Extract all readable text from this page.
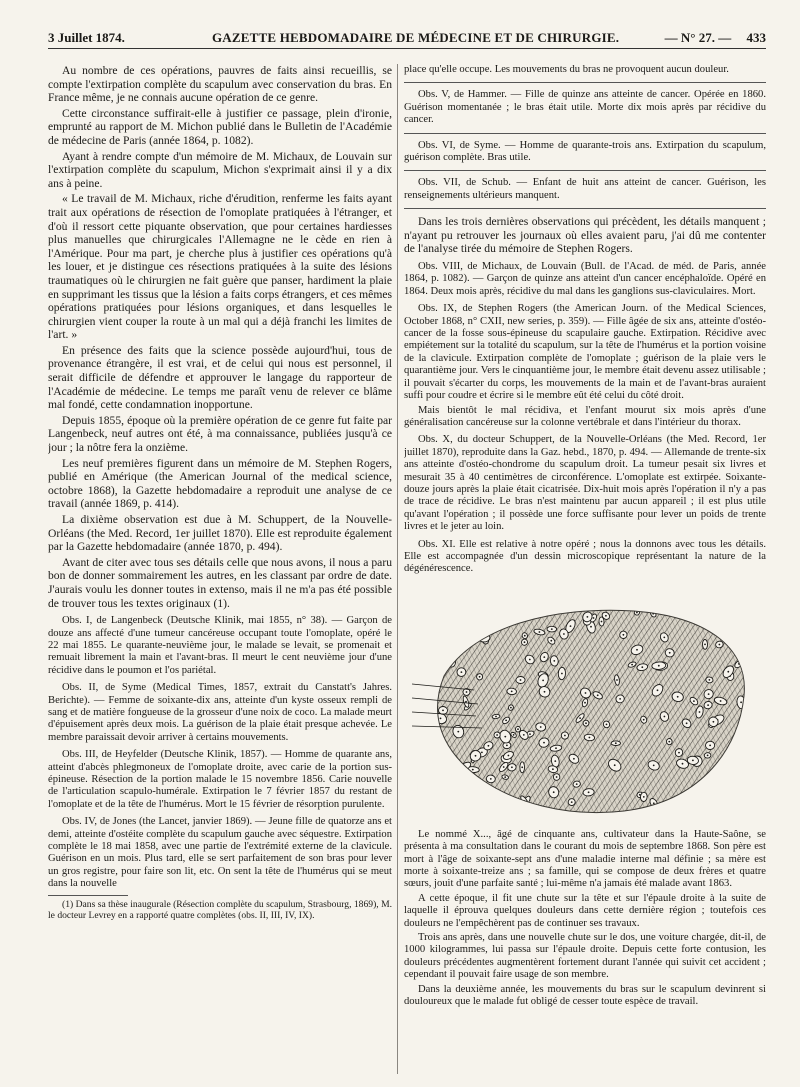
3 Juillet 1874.	GAZETTE HEBDOMADAIRE DE MÉDECINE ET DE CHIRURGIE.	— N° 27. — 433

Au nombre de ces opérations, pauvres de faits ainsi recueillis, se compte l'extirpation complète du scapulum avec conservation du bras. En France même, je ne connais aucune opération de ce genre.

Cette circonstance suffirait-elle à justifier ce passage, plein d'ironie, emprunté au rapport de M. Michon publié dans le Bulletin de l'Académie de médecine de Paris (année 1864, p. 1082).

Ayant à rendre compte d'un mémoire de M. Michaux, de Louvain sur l'extirpation complète du scapulum, Michon s'exprimait ainsi il y a dix ans à peine.

« Le travail de M. Michaux, riche d'érudition, renferme les faits ayant trait aux opérations de résection de l'omoplate pratiquées à l'étranger, et d'où il ressort cette piquante observation, que pour certaines hardiesses plus manuelles que chirurgicales l'Allemagne ne le cède en rien à l'Amérique. Pour ma part, je cherche plus à justifier ces opérations qu'à les louer, et je distingue ces résections pratiquées à la suite des lésions traumatiques où le chirurgien ne fait guère que panser, hardiment la plaie en supprimant les tissus que la lésion a faits corps étrangers, et ces mêmes opérations pratiquées pour lésions organiques, et dans lesquelles le chirurgien vient couper la route à un mal qui a déjà franchi les limites de l'art. »

En présence des faits que la science possède aujourd'hui, tous de provenance étrangère, il est vrai, et de celui qui nous est personnel, il serait difficile de défendre et approuver le langage du rapporteur de l'Académie de médecine. Le temps me paraît venu de relever ce blâme mal fondé, cette condamnation inopportune.

Depuis 1855, époque où la première opération de ce genre fut faite par Langenbeck, neuf autres ont été, à ma connaissance, publiées jusqu'à ce jour ; la nôtre fera la onzième.

Les neuf premières figurent dans un mémoire de M. Stephen Rogers, publié en Amérique (the American Journal of the medical science, octobre 1868), la Gazette hebdomadaire a reproduit une analyse de ce travail (année 1869, p. 414).

La dixième observation est due à M. Schuppert, de la Nouvelle-Orléans (the Med. Record, 1er juillet 1870). Elle est reproduite également par la Gazette hebdomadaire (année 1870, p. 494).

Avant de citer avec tous ses détails celle que nous avons, il nous a paru bon de donner sommairement les autres, en les classant par ordre de date. J'aurais voulu les donner toutes in extenso, mais il ne m'a pas été possible de trouver tous les textes originaux (1).

Obs. I, de Langenbeck (Deutsche Klinik, mai 1855, n° 38). — Garçon de douze ans affecté d'une tumeur cancéreuse occupant toute l'omoplate, opéré le 22 mai 1855. Le quarante-neuvième jour, le malade se levait, se promenait et remuait librement la main et l'avant-bras. Il meurt le cent neuvième jour d'une récidive dans le poumon et l'os pariétal.

Obs. II, de Syme (Medical Times, 1857, extrait du Canstatt's Jahres. Berichte). — Femme de soixante-dix ans, atteinte d'un kyste osseux rempli de sang et de matière fongueuse de la grosseur d'une noix de coco. La malade meurt d'épuisement après deux mois. La guérison de la plaie était presque achevée. Le membre paraissait devoir arriver à certains mouvements.

Obs. III, de Heyfelder (Deutsche Klinik, 1857). — Homme de quarante ans, atteint d'abcès phlegmoneux de l'omoplate droite, avec carie de la portion sus-épineuse. Résection de la portion malade le 15 novembre 1856. Carie nouvelle de l'articulation scapulo-humérale. Extirpation le 7 février 1857 du restant de l'omoplate et de la tête de l'humérus. Mort le 15 février de résorption purulente.

Obs. IV, de Jones (the Lancet, janvier 1869). — Jeune fille de quatorze ans et demi, atteinte d'ostéite complète du scapulum gauche avec séquestre. Extirpation complète le 18 mai 1858, avec une partie de l'extrémité externe de la clavicule. Guérison en un mois. Plus tard, elle se sert parfaitement de son bras pour lever un gros registre, pour faire son lit, etc. On sent la tête de l'humérus qui se meut dans la nouvelle

(1) Dans sa thèse inaugurale (Résection complète du scapulum, Strasbourg, 1869), M. le docteur Levrey en a rapporté quatre complètes (obs. II, III, IV, IX).

place qu'elle occupe. Les mouvements du bras ne provoquent aucun douleur.

Obs. V, de Hammer. — Fille de quinze ans atteinte de cancer. Opérée en 1860. Guérison momentanée ; le bras était utile. Morte dix mois après par récidive du cancer.

Obs. VI, de Syme. — Homme de quarante-trois ans. Extirpation du scapulum, guérison complète. Bras utile.

Obs. VII, de Schub. — Enfant de huit ans atteint de cancer. Guérison, les renseignements ultérieurs manquent.

Dans les trois dernières observations qui précèdent, les détails manquent ; n'ayant pu retrouver les journaux où elles avaient paru, j'ai dû me contenter de l'analyse tirée du mémoire de Stephen Rogers.

Obs. VIII, de Michaux, de Louvain (Bull. de l'Acad. de méd. de Paris, année 1864, p. 1082). — Garçon de quinze ans atteint d'un cancer encéphaloïde. Opéré en 1864. Deux mois après, récidive du mal dans les ganglions sus-claviculaires. Mort.

Obs. IX, de Stephen Rogers (the American Journ. of the Medical Sciences, October 1868, n° CXII, new series, p. 359). — Fille âgée de six ans, atteinte d'ostéo-cancer de la fosse sous-épineuse du scapulaire gauche. Extirpation. Récidive avec empiétement sur la totalité du scapulum, sur la tête de l'humérus et la portion voisine de la clavicule. Extirpation complète de l'omoplate ; guérison de la plaie vers le quarantième jour. Vers le cinquantième jour, le membre était devenu assez utilisable ; il pouvait s'écarter du corps, les mouvements de la main et de l'avant-bras auraient suffi pour coudre et écrire si le membre eût été celui du côté droit.

Mais bientôt le mal récidiva, et l'enfant mourut six mois après d'une généralisation cancéreuse sur la colonne vertébrale et dans l'intérieur du thorax.

Obs. X, du docteur Schuppert, de la Nouvelle-Orléans (the Med. Record, 1er juillet 1870), reproduite dans la Gaz. hebd., 1870, p. 494. — Allemande de trente-six ans atteinte d'ostéo-chondrome du scapulum droit. La tumeur pesait six livres et mesurait 35 à 40 centimètres de circonférence. L'omoplate est extirpée. Soixante-douze jours après la plaie était cicatrisée. Dix-huit mois après l'opération il n'y a pas de trace de récidive. Le bras n'est maintenu par aucun appareil ; il est plus utile qu'avant l'opération ; il possède une force suffisante pour lever un poids de trente livres et le jeter au loin.

Obs. XI. Elle est relative à notre opéré ; nous la donnons avec tous les détails. Elle est accompagnée d'un dessin microscopique représentant la nature de la dégénérescence.

Le nommé X..., âgé de cinquante ans, cultivateur dans la Haute-Saône, se présenta à ma consultation dans le courant du mois de septembre 1868. Son père est mort à l'âge de soixante-sept ans d'une maladie interne mal définie ; sa mère est morte à soixante-treize ans ; sa famille, qui se compose de deux frères et quatre sœurs, jouit d'une parfaite santé ; lui-même n'a jamais été malade avant 1863.

A cette époque, il fit une chute sur la tête et sur l'épaule droite à la suite de laquelle il éprouva quelques douleurs dans cette dernière région ; toutefois ces douleurs ne l'empêchèrent pas de continuer ses travaux.

Trois ans après, dans une nouvelle chute sur le dos, une voiture chargée, dit-il, de 1000 kilogrammes, lui passa sur l'épaule droite. Depuis cette forte contusion, les douleurs précédentes augmentèrent fortement durant l'année qui suivit cet accident ; cependant il pouvait faire usage de son membre.

Dans la deuxième année, les mouvements du bras sur le scapulum devinrent si douloureux que le malade fut obligé de cesser toute espèce de travail.
